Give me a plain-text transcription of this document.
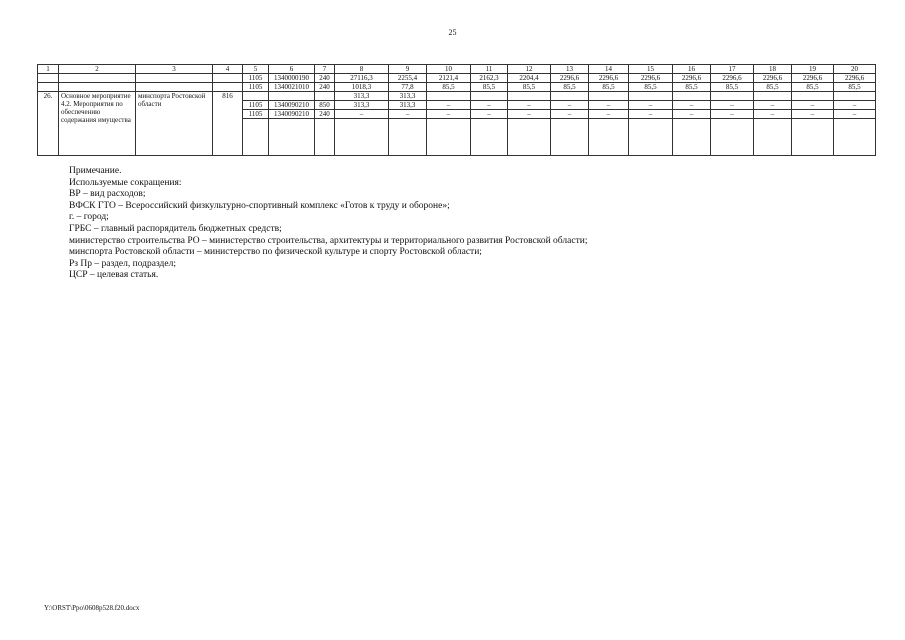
25
1	2	3	4	5	6	7	8	9	10	11	12	13	14	15	16	17	18	19	20
				1105	1340000190	240	27116,3	2255,4	2121,4	2162,3	2204,4	2296,6	2296,6	2296,6	2296,6	2296,6	2296,6	2296,6	2296,6
				1105	1340021010	240	1018,3	77,8	85,5	85,5	85,5	85,5	85,5	85,5	85,5	85,5	85,5	85,5	85,5
26.	Основное мероприятие 4.2. Мероприятия по обеспечению содержания имущества	минспорта Ростовской области	816				313,3	313,3											
				1105	1340090210	850	313,3	313,3	–	–	–	–	–	–	–	–	–	–	–
				1105	1340090210	240	–	–	–	–	–	–	–	–	–	–	–	–	–

Примечание.
Используемые сокращения:
ВР – вид расходов;
ВФСК ГТО – Всероссийский физкультурно-спортивный комплекс «Готов к труду и обороне»;
г. – город;
ГРБС – главный распорядитель бюджетных средств;
министерство строительства РО – министерство строительства, архитектуры и территориального развития Ростовской области;
минспорта Ростовской области – министерство по физической культуре и спорту Ростовской области;
Рз Пр – раздел, подраздел;
ЦСР – целевая статья.
Y:\ORST\Ppo\0608p528.f20.docx
